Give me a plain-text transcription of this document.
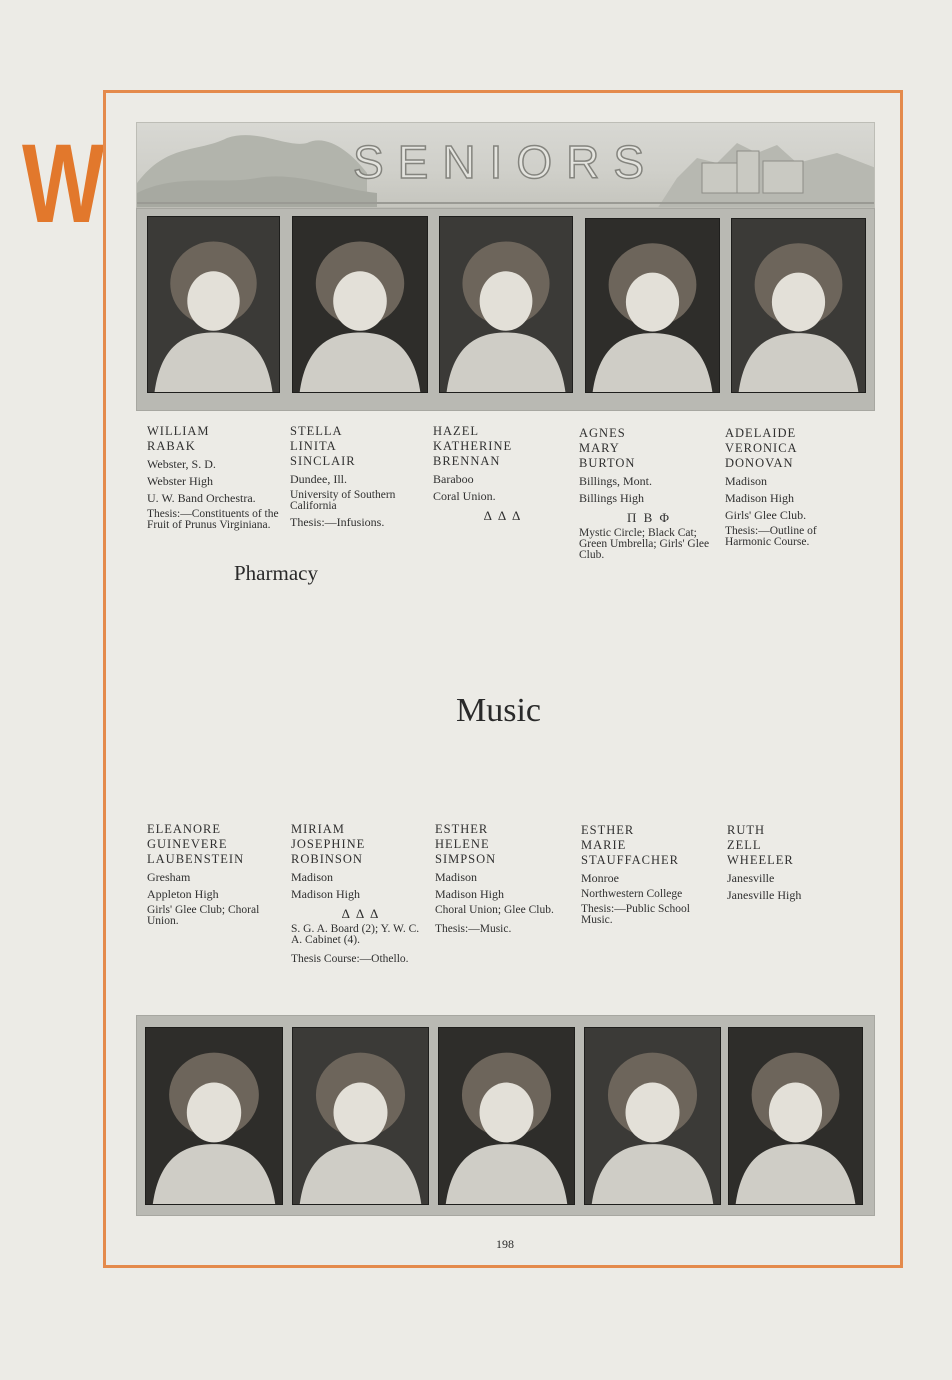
W	SENIORS
WILLIAM
RABAK
Webster, S. D.
Webster High
U. W. Band Orchestra.
Thesis:—Constituents of the Fruit of Prunus Virginiana.
STELLA
LINITA
SINCLAIR
Dundee, Ill.
University of Southern California
Thesis:—Infusions.
HAZEL
KATHERINE
BRENNAN
Baraboo
Coral Union.
Δ Δ Δ
AGNES
MARY
BURTON
Billings, Mont.
Billings High
Π Β Φ
Mystic Circle; Black Cat; Green Umbrella; Girls' Glee Club.
ADELAIDE
VERONICA
DONOVAN
Madison
Madison High
Girls' Glee Club.
Thesis:—Outline of Harmonic Course.
Pharmacy
Music
ELEANORE
GUINEVERE
LAUBENSTEIN
Gresham
Appleton High
Girls' Glee Club; Choral Union.
MIRIAM
JOSEPHINE
ROBINSON
Madison
Madison High
Δ Δ Δ
S. G. A. Board (2); Y. W. C. A. Cabinet (4).
Thesis Course:—Othello.
ESTHER
HELENE
SIMPSON
Madison
Madison High
Choral Union; Glee Club.
Thesis:—Music.
ESTHER
MARIE
STAUFFACHER
Monroe
Northwestern College
Thesis:—Public School Music.
RUTH
ZELL
WHEELER
Janesville
Janesville High
198
